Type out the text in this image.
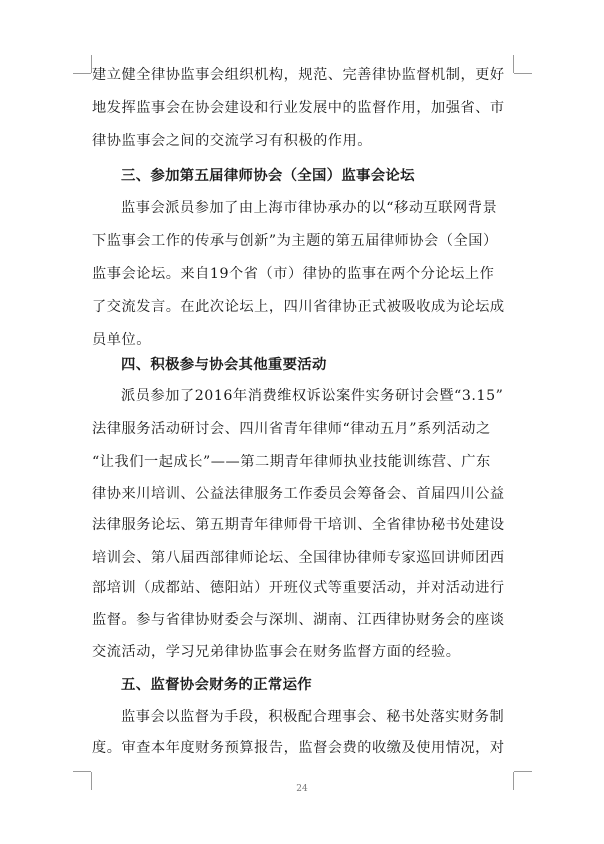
建立健全律协监事会组织机构，规范、完善律协监督机制，更好
地发挥监事会在协会建设和行业发展中的监督作用，加强省、市
律协监事会之间的交流学习有积极的作用。
三、参加第五届律师协会（全国）监事会论坛
监事会派员参加了由上海市律协承办的以“移动互联网背景
下监事会工作的传承与创新”为主题的第五届律师协会（全国）
监事会论坛。来自19个省（市）律协的监事在两个分论坛上作
了交流发言。在此次论坛上，四川省律协正式被吸收成为论坛成
员单位。
四、积极参与协会其他重要活动
派员参加了2016年消费维权诉讼案件实务研讨会暨“3.15”
法律服务活动研讨会、四川省青年律师“律动五月”系列活动之
“让我们一起成长”——第二期青年律师执业技能训练营、广东
律协来川培训、公益法律服务工作委员会筹备会、首届四川公益
法律服务论坛、第五期青年律师骨干培训、全省律协秘书处建设
培训会、第八届西部律师论坛、全国律协律师专家巡回讲师团西
部培训（成都站、德阳站）开班仪式等重要活动，并对活动进行
监督。参与省律协财委会与深圳、湖南、江西律协财务会的座谈
交流活动，学习兄弟律协监事会在财务监督方面的经验。
五、监督协会财务的正常运作
监事会以监督为手段，积极配合理事会、秘书处落实财务制
度。审查本年度财务预算报告，监督会费的收缴及使用情况，对
24
